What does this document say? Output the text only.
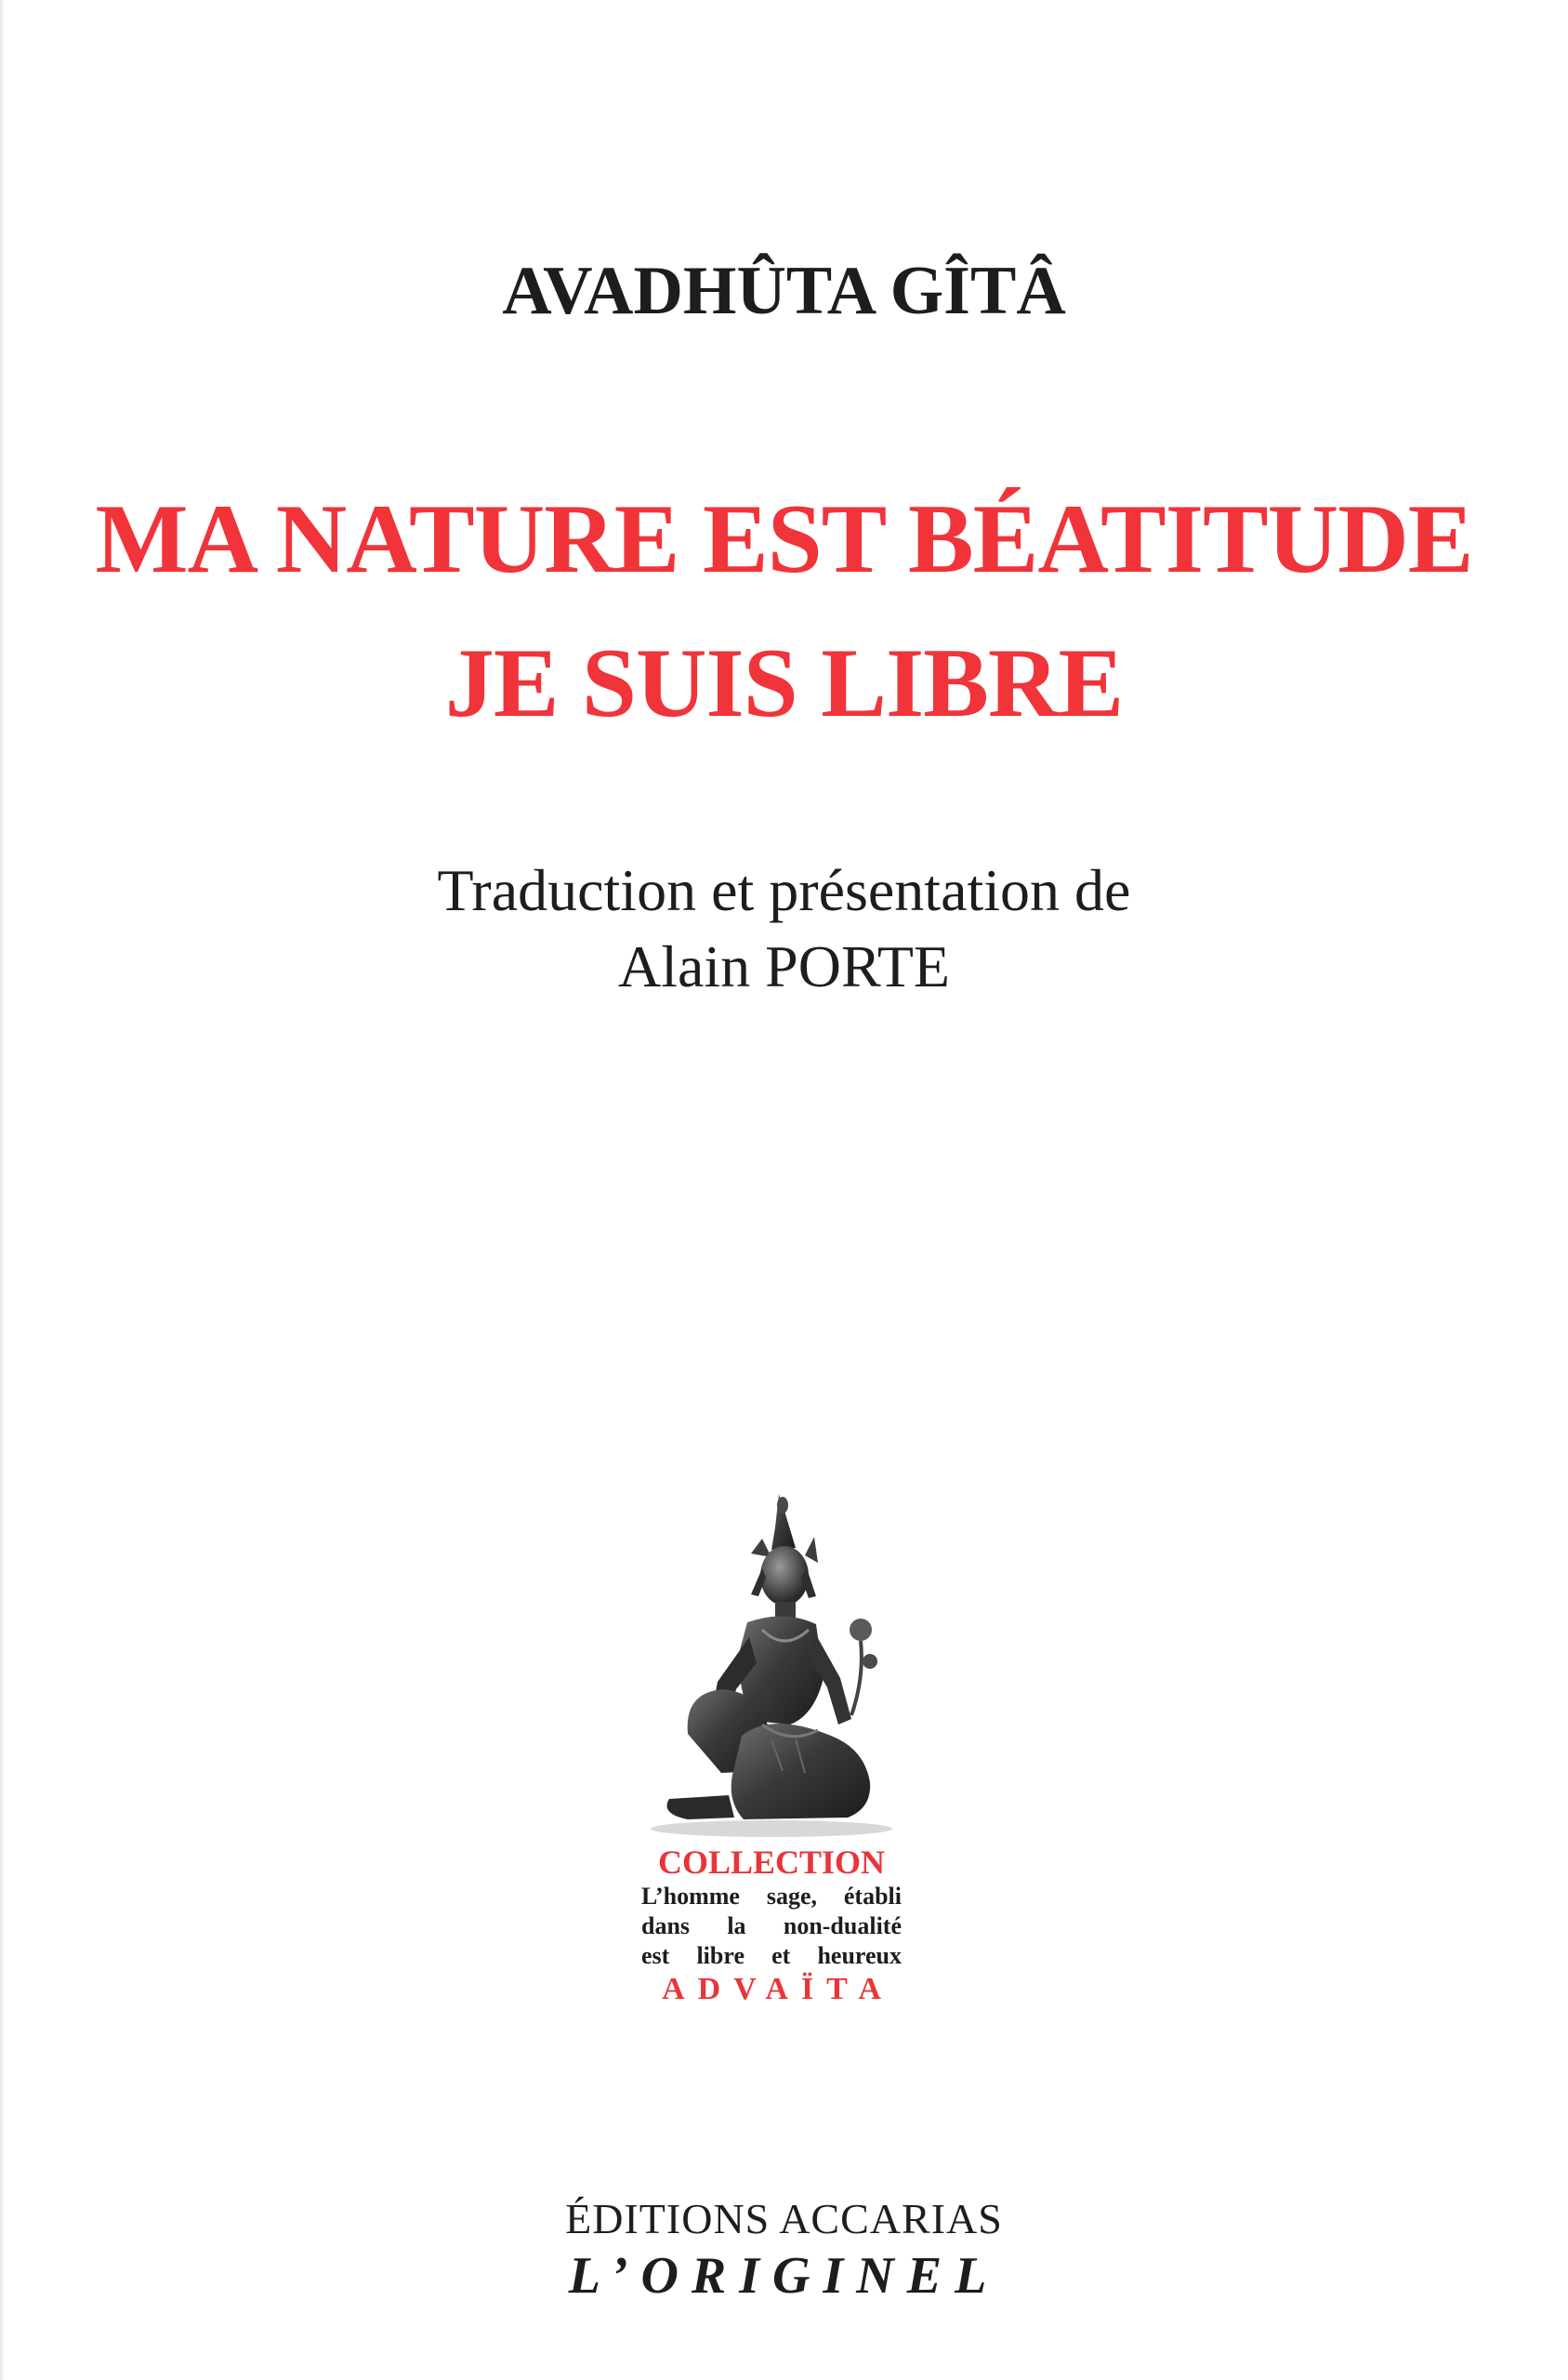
AVADHÛTA GÎTÂ
MA NATURE EST BÉATITUDE
JE SUIS LIBRE
Traduction et présentation de
Alain PORTE
COLLECTION
L’homme sage, établi
dans la non-dualité
est libre et heureux
ADVAÏTA
ÉDITIONS ACCARIAS
L’ORIGINEL
